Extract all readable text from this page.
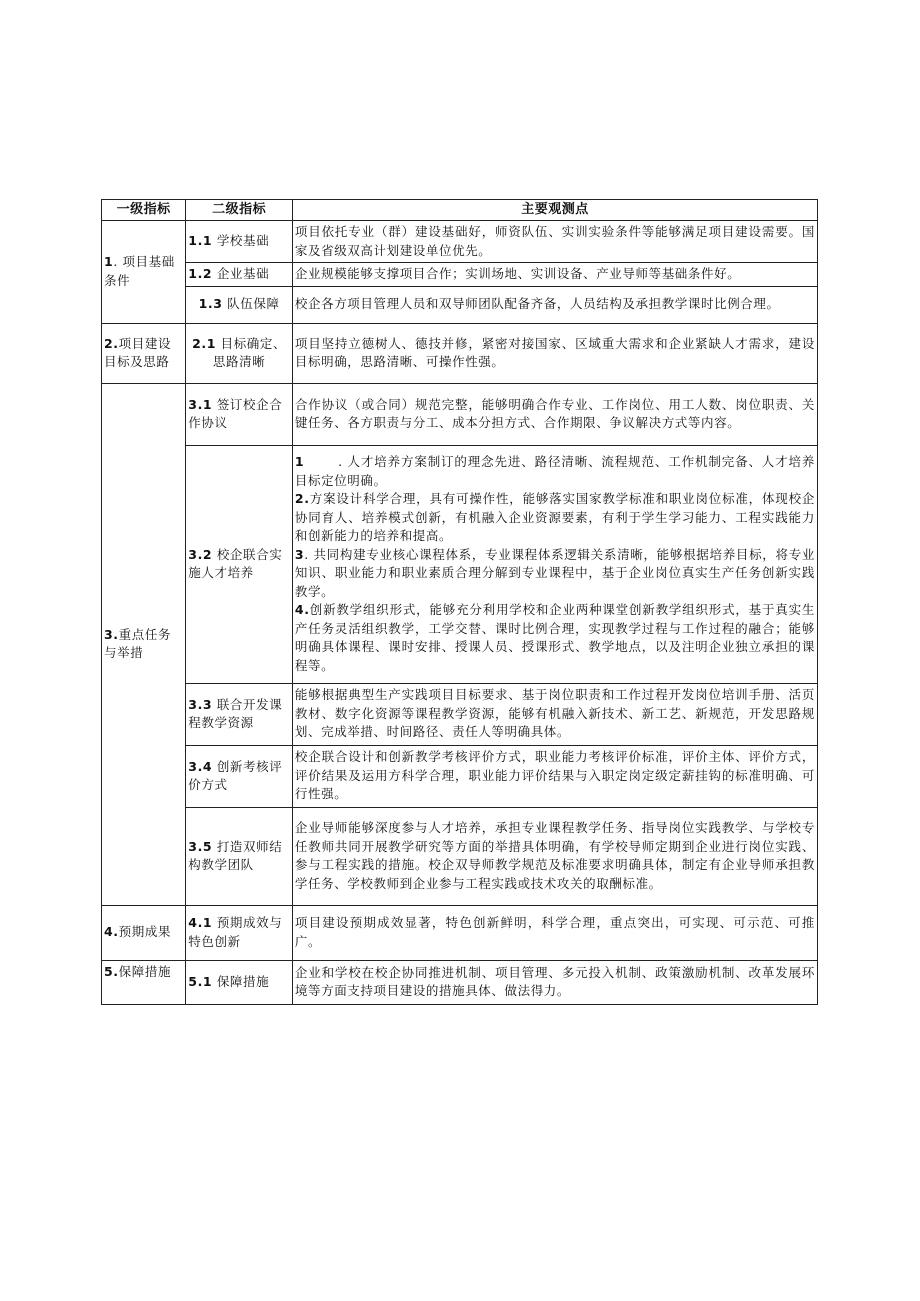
一级指标	二级指标	主要观测点
1. 项目基础条件	1.1 学校基础	项目依托专业（群）建设基础好，师资队伍、实训实验条件等能够满足项目建设需要。国家及省级双高计划建设单位优先。
	1.2 企业基础	企业规模能够支撑项目合作；实训场地、实训设备、产业导师等基础条件好。
	1.3 队伍保障	校企各方项目管理人员和双导师团队配备齐备，人员结构及承担教学课时比例合理。
2.项目建设目标及思路	2.1 目标确定、思路清晰	项目坚持立德树人、德技并修，紧密对接国家、区域重大需求和企业紧缺人才需求，建设目标明确，思路清晰、可操作性强。
3.重点任务与举措	3.1 签订校企合作协议	合作协议（或合同）规范完整，能够明确合作专业、工作岗位、用工人数、岗位职责、关键任务、各方职责与分工、成本分担方式、合作期限、争议解决方式等内容。
	3.2 校企联合实施人才培养	1 . 人才培养方案制订的理念先进、路径清晰、流程规范、工作机制完备、人才培养目标定位明确。
2.方案设计科学合理，具有可操作性，能够落实国家教学标准和职业岗位标准，体现校企协同育人、培养模式创新，有机融入企业资源要素，有利于学生学习能力、工程实践能力和创新能力的培养和提高。
3. 共同构建专业核心课程体系，专业课程体系逻辑关系清晰，能够根据培养目标，将专业知识、职业能力和职业素质合理分解到专业课程中，基于企业岗位真实生产任务创新实践教学。
4.创新教学组织形式，能够充分利用学校和企业两种课堂创新教学组织形式，基于真实生产任务灵活组织教学，工学交替、课时比例合理，实现教学过程与工作过程的融合；能够明确具体课程、课时安排、授课人员、授课形式、教学地点，以及注明企业独立承担的课程等。

	3.3 联合开发课程教学资源	能够根据典型生产实践项目目标要求、基于岗位职责和工作过程开发岗位培训手册、活页教材、数字化资源等课程教学资源，能够有机融入新技术、新工艺、新规范，开发思路规划、完成举措、时间路径、责任人等明确具体。
	3.4 创新考核评价方式	校企联合设计和创新教学考核评价方式，职业能力考核评价标准，评价主体、评价方式，评价结果及运用方科学合理，职业能力评价结果与入职定岗定级定薪挂钩的标准明确、可行性强。
	3.5 打造双师结构教学团队	企业导师能够深度参与人才培养，承担专业课程教学任务、指导岗位实践教学、与学校专任教师共同开展教学研究等方面的举措具体明确，有学校导师定期到企业进行岗位实践、参与工程实践的措施。校企双导师教学规范及标准要求明确具体，制定有企业导师承担教学任务、学校教师到企业参与工程实践或技术攻关的取酬标准。
4.预期成果	4.1 预期成效与特色创新	项目建设预期成效显著，特色创新鲜明，科学合理，重点突出，可实现、可示范、可推广。
5.保障措施	5.1 保障措施	企业和学校在校企协同推进机制、项目管理、多元投入机制、政策激励机制、改革发展环境等方面支持项目建设的措施具体、做法得力。
